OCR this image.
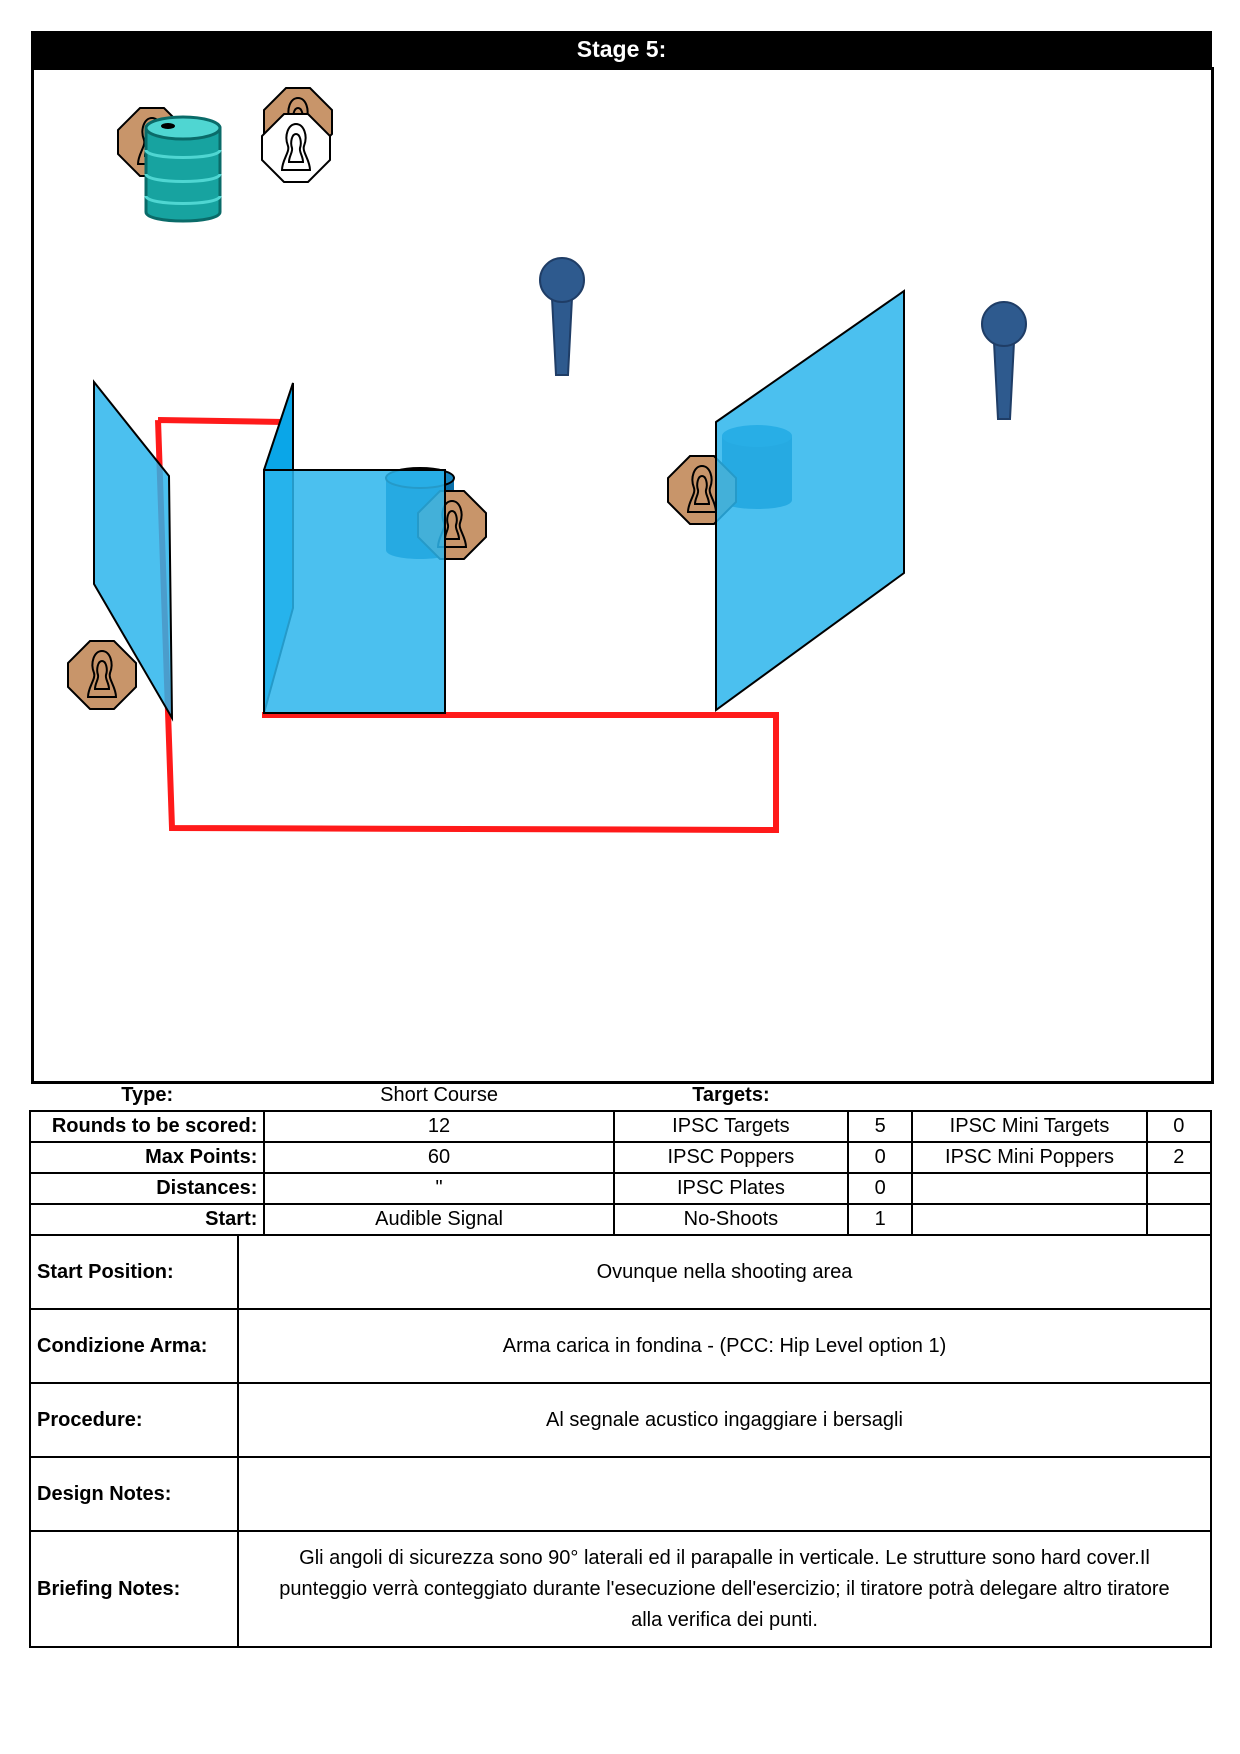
Stage 5:
Type:	Short Course	Targets:			
Rounds to be scored:	12	IPSC Targets	5	IPSC Mini Targets	0
Max Points:	60	IPSC Poppers	0	IPSC Mini Poppers	2
Distances:	"	IPSC Plates	0		
Start:	Audible Signal	No-Shoots	1		
Start Position:	Ovunque nella shooting area
Condizione Arma:	Arma carica in fondina - (PCC: Hip Level option 1)
Procedure:	Al segnale acustico ingaggiare i bersagli
Design Notes:	
Briefing Notes:	Gli angoli di sicurezza sono 90° laterali ed il parapalle in verticale. Le strutture sono hard cover.Il punteggio verrà conteggiato durante l'esecuzione dell'esercizio; il tiratore potrà delegare altro tiratore alla verifica dei punti.
